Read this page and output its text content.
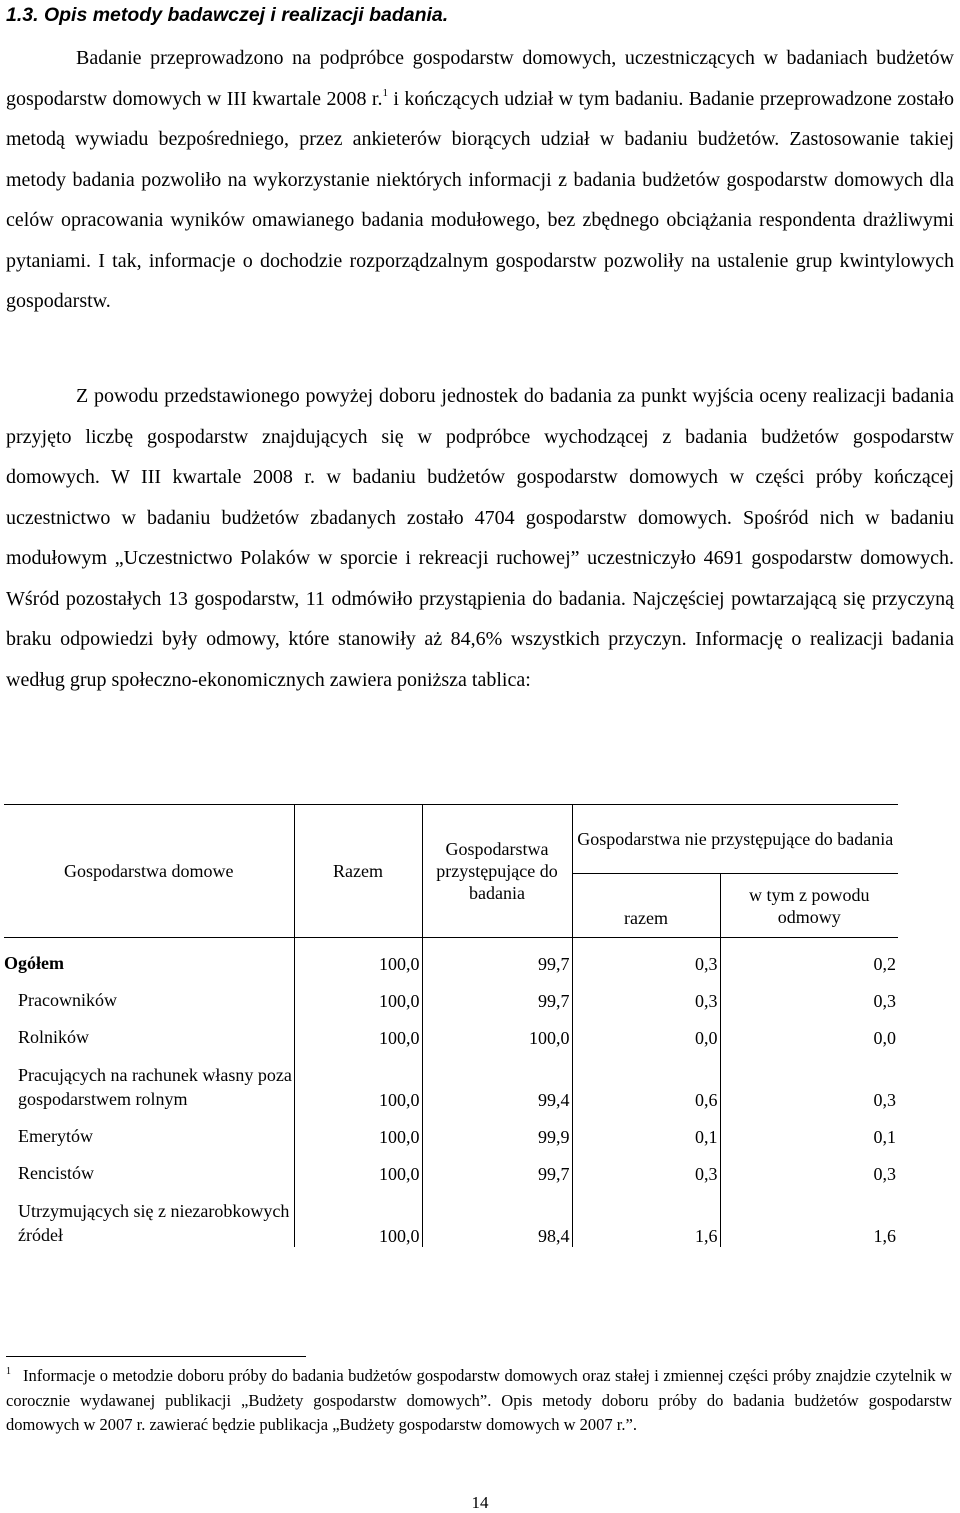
1.3. Opis metody badawczej i realizacji badania.

Badanie przeprowadzono na podpróbce gospodarstw domowych, uczestniczących w badaniach budżetów gospodarstw domowych w III kwartale 2008 r.$^1$ i kończących udział w tym badaniu. Badanie przeprowadzone zostało metodą wywiadu bezpośredniego, przez ankieterów biorących udział w badaniu budżetów. Zastosowanie takiej metody badania pozwoliło na wykorzystanie niektórych informacji z badania budżetów gospodarstw domowych dla celów opracowania wyników omawianego badania modułowego, bez zbędnego obciążania respondenta drażliwymi pytaniami. I tak, informacje o dochodzie rozporządzalnym gospodarstw pozwoliły na ustalenie grup kwintylowych gospodarstw.

Z powodu przedstawionego powyżej doboru jednostek do badania za punkt wyjścia oceny realizacji badania przyjęto liczbę gospodarstw znajdujących się w podpróbce wychodzącej z badania budżetów gospodarstw domowych. W III kwartale 2008 r. w badaniu budżetów gospodarstw domowych w części próby kończącej uczestnictwo w badaniu budżetów zbadanych zostało 4704 gospodarstw domowych. Spośród nich w badaniu modułowym „Uczestnictwo Polaków w sporcie i rekreacji ruchowej” uczestniczyło 4691 gospodarstw domowych. Wśród pozostałych 13 gospodarstw, 11 odmówiło przystąpienia do badania. Najczęściej powtarzającą się przyczyną braku odpowiedzi były odmowy, które stanowiły aż 84,6% wszystkich przyczyn. Informację o realizacji badania według grup społeczno-ekonomicznych zawiera poniższa tablica:

Gospodarstwa domowe	Razem	Gospodarstwa przystępujące do badania	Gospodarstwa nie przystępujące do badania	
			razem	w tym z powodu odmowy
Ogółem	100,0	99,7	0,3	0,2
Pracowników	100,0	99,7	0,3	0,3
Rolników	100,0	100,0	0,0	0,0
Pracujących na rachunek własny poza gospodarstwem rolnym	100,0	99,4	0,6	0,3
Emerytów	100,0	99,9	0,1	0,1
Rencistów	100,0	99,7	0,3	0,3
Utrzymujących się z niezarobkowych źródeł	100,0	98,4	1,6	1,6

$^1$ Informacje o metodzie doboru próby do badania budżetów gospodarstw domowych oraz stałej i zmiennej części próby znajdzie czytelnik w corocznie wydawanej publikacji „Budżety gospodarstw domowych”. Opis metody doboru próby do badania budżetów gospodarstw domowych w 2007 r. zawierać będzie publikacja „Budżety gospodarstw domowych w 2007 r.”.

14
